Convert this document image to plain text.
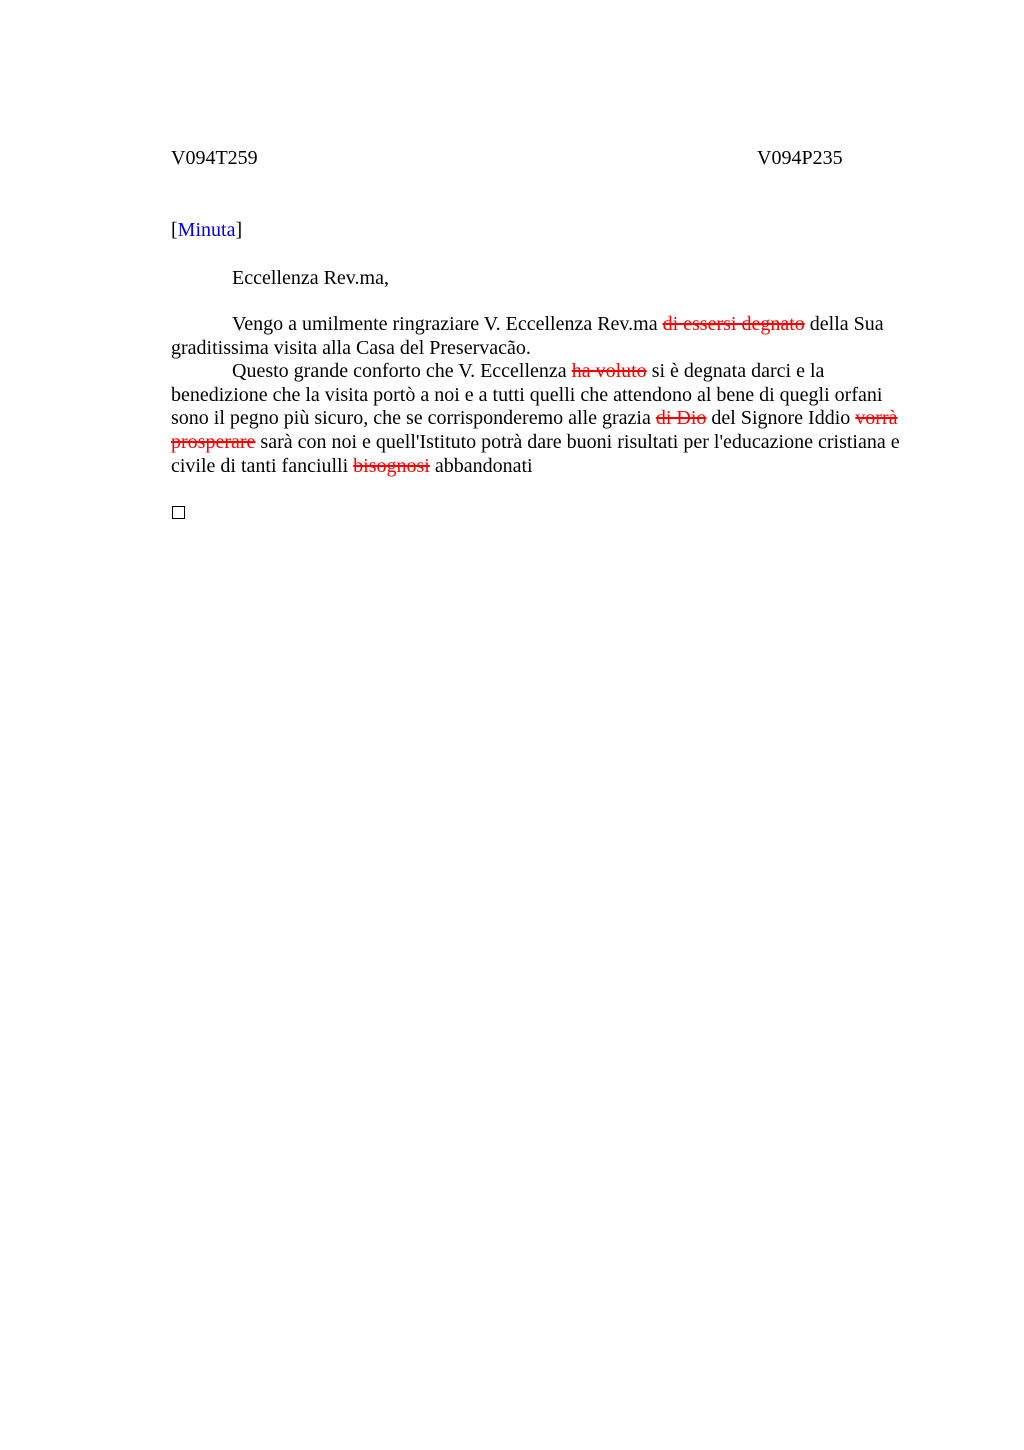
V094T259	V094P235
[Minuta]
Eccellenza Rev.ma,
Vengo a umilmente ringraziare V. Eccellenza Rev.ma di essersi degnato della Sua
graditissima visita alla Casa del Preservacão.
Questo grande conforto che V. Eccellenza ha voluto si è degnata darci e la
benedizione che la visita portò a noi e a tutti quelli che attendono al bene di quegli orfani
sono il pegno più sicuro, che se corrisponderemo alle grazia di Dio del Signore Iddio vorrà
prosperare sarà con noi e quell'Istituto potrà dare buoni risultati per l'educazione cristiana e
civile di tanti fanciulli bisognosi abbandonati
